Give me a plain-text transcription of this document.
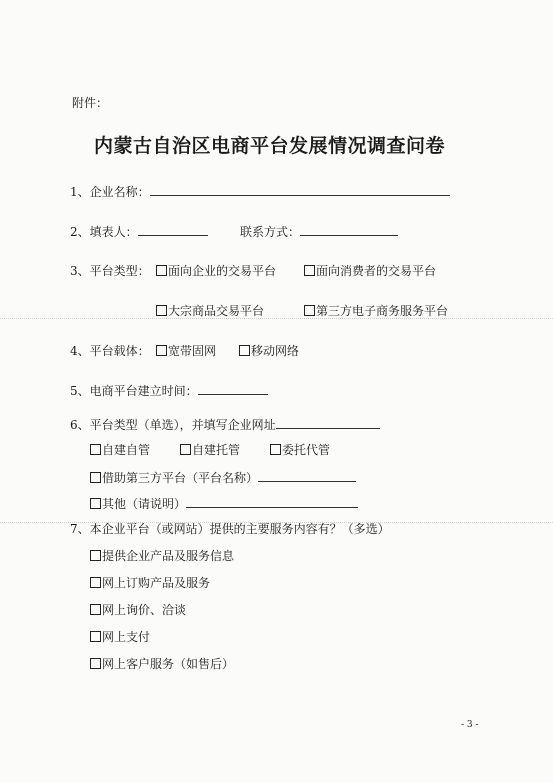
附件：
内蒙古自治区电商平台发展情况调查问卷
1、企业名称：
2、填表人：	联系方式：
3、平台类型：	面向企业的交易平台	面向消费者的交易平台
大宗商品交易平台	第三方电子商务服务平台
4、平台载体：	宽带固网	移动网络
5、电商平台建立时间：
6、平台类型（单选），并填写企业网址
自建自管	自建托管	委托代管
借助第三方平台（平台名称）
其他（请说明）
7、本企业平台（或网站）提供的主要服务内容有？（多选）
提供企业产品及服务信息
网上订购产品及服务
网上询价、洽谈
网上支付
网上客户服务（如售后）
- 3 -
